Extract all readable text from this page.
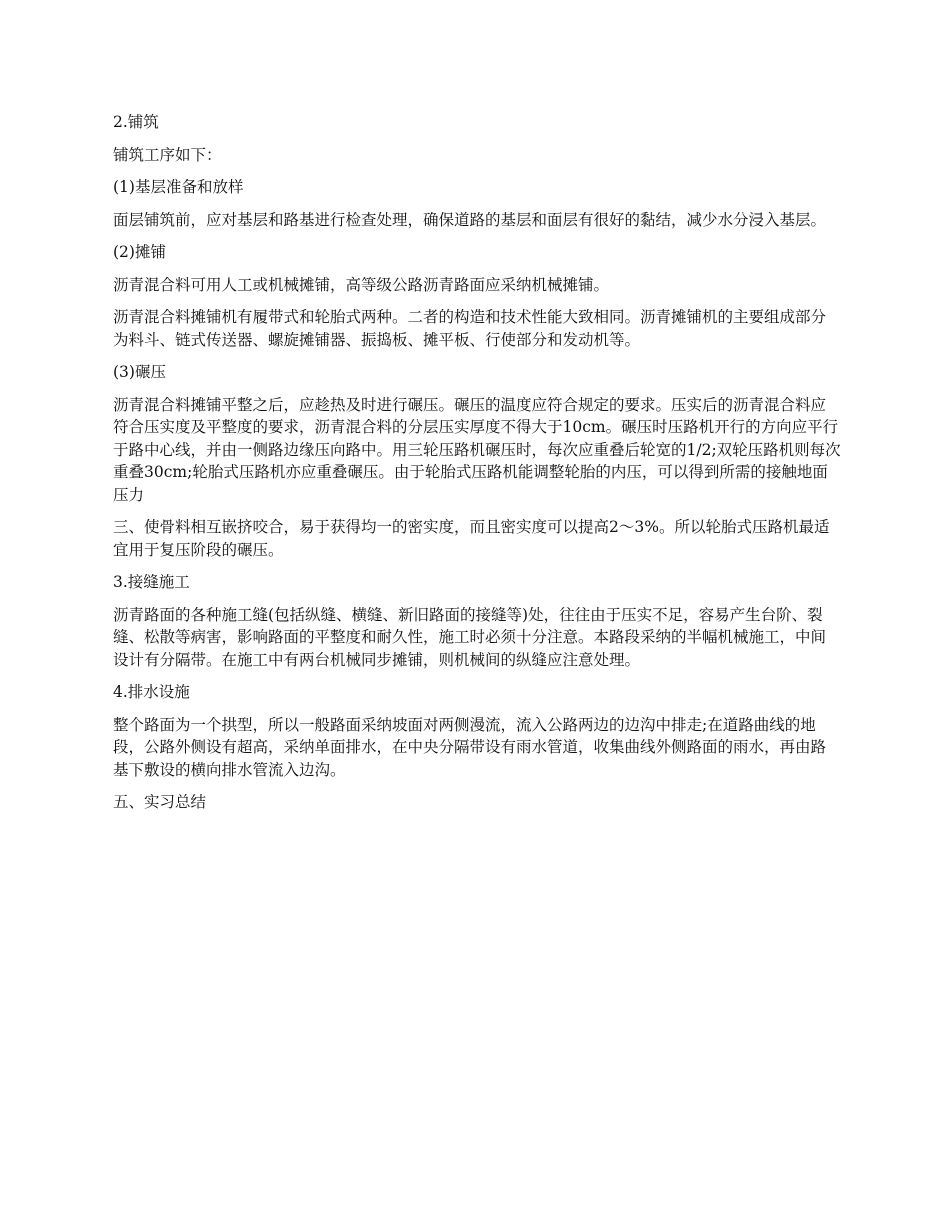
2.铺筑

铺筑工序如下：

(1)基层准备和放样

面层铺筑前，应对基层和路基进行检查处理，确保道路的基层和面层有很好的黏结，减少水分浸入基层。

(2)摊铺

沥青混合料可用人工或机械摊铺，高等级公路沥青路面应采纳机械摊铺。

沥青混合料摊铺机有履带式和轮胎式两种。二者的构造和技术性能大致相同。沥青摊铺机的主要组成部分为料斗、链式传送器、螺旋摊铺器、振捣板、摊平板、行使部分和发动机等。

(3)碾压

沥青混合料摊铺平整之后，应趁热及时进行碾压。碾压的温度应符合规定的要求。压实后的沥青混合料应符合压实度及平整度的要求，沥青混合料的分层压实厚度不得大于10cm。碾压时压路机开行的方向应平行于路中心线，并由一侧路边缘压向路中。用三轮压路机碾压时，每次应重叠后轮宽的1/2;双轮压路机则每次重叠30cm;轮胎式压路机亦应重叠碾压。由于轮胎式压路机能调整轮胎的内压，可以得到所需的接触地面压力

三、使骨料相互嵌挤咬合，易于获得均一的密实度，而且密实度可以提高2～3%。所以轮胎式压路机最适宜用于复压阶段的碾压。

3.接缝施工

沥青路面的各种施工缝(包括纵缝、横缝、新旧路面的接缝等)处，往往由于压实不足，容易产生台阶、裂缝、松散等病害，影响路面的平整度和耐久性，施工时必须十分注意。本路段采纳的半幅机械施工，中间设计有分隔带。在施工中有两台机械同步摊铺，则机械间的纵缝应注意处理。

4.排水设施

整个路面为一个拱型，所以一般路面采纳坡面对两侧漫流，流入公路两边的边沟中排走;在道路曲线的地段，公路外侧设有超高，采纳单面排水，在中央分隔带设有雨水管道，收集曲线外侧路面的雨水，再由路基下敷设的横向排水管流入边沟。

五、实习总结
